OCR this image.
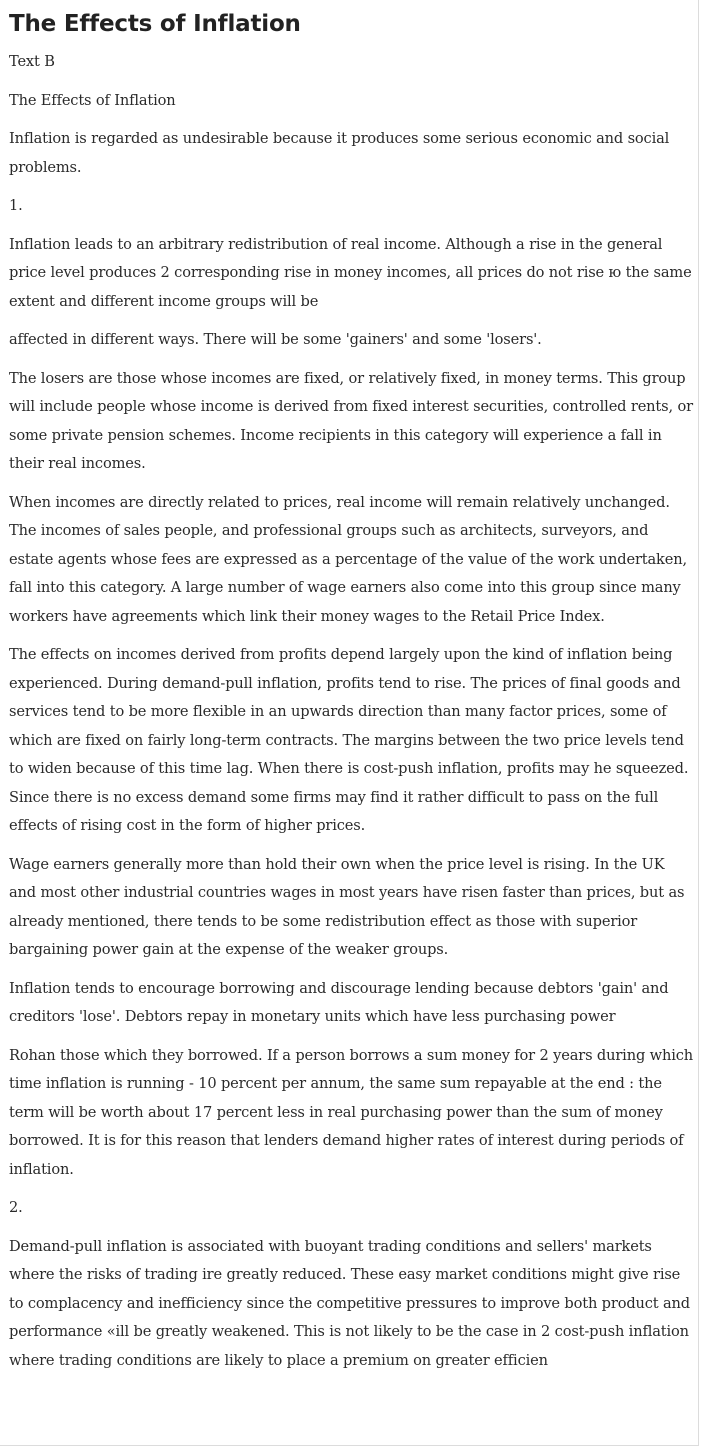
The Effects of Inflation

Text B

The Effects of Inflation

Inflation is regarded as undesirable because it produces some serious economic and social problems.

1.

Inflation leads to an arbitrary redistribution of real income. Although a rise in the general price level produces 2 corresponding rise in money incomes, all prices do not rise ю the same extent and different income groups will be

affected in different ways. There will be some 'gainers' and some 'losers'.

The losers are those whose incomes are fixed, or relatively fixed, in money terms. This group will include people whose income is derived from fixed interest securities, controlled rents, or some private pension schemes. Income recipients in this category will experience a fall in their real incomes.

When incomes are directly related to prices, real income will remain relatively unchanged. The incomes of sales people, and professional groups such as architects, surveyors, and estate agents whose fees are expressed as a percentage of the value of the work undertaken, fall into this category. A large number of wage earners also come into this group since many workers have agreements which link their money wages to the Retail Price Index.

The effects on incomes derived from profits depend largely upon the kind of inflation being experienced. During demand-pull inflation, profits tend to rise. The prices of final goods and services tend to be more flexible in an upwards direction than many factor prices, some of which are fixed on fairly long-term contracts. The margins between the two price levels tend to widen because of this time lag. When there is cost-push inflation, profits may he squeezed. Since there is no excess demand some firms may find it rather difficult to pass on the full effects of rising cost in the form of higher prices.

Wage earners generally more than hold their own when the price level is rising. In the UK and most other industrial countries wages in most years have risen faster than prices, but as already mentioned, there tends to be some redistribution effect as those with superior bargaining power gain at the expense of the weaker groups.

Inflation tends to encourage borrowing and discourage lending because debtors 'gain' and creditors 'lose'. Debtors repay in monetary units which have less purchasing power

Rohan those which they borrowed. If a person borrows a sum money for 2 years during which time inflation is running - 10 percent per annum, the same sum repayable at the end : the term will be worth about 17 percent less in real purchasing power than the sum of money borrowed. It is for this reason that lenders demand higher rates of interest during periods of inflation.

2.

Demand-pull inflation is associated with buoyant trading conditions and sellers' markets where the risks of trading ire greatly reduced. These easy market conditions might give rise to complacency and inefficiency since the competitive pressures to improve both product and performance «ill be greatly weakened. This is not likely to be the case in 2 cost-push inflation where trading conditions are likely to place a premium on greater efficien
